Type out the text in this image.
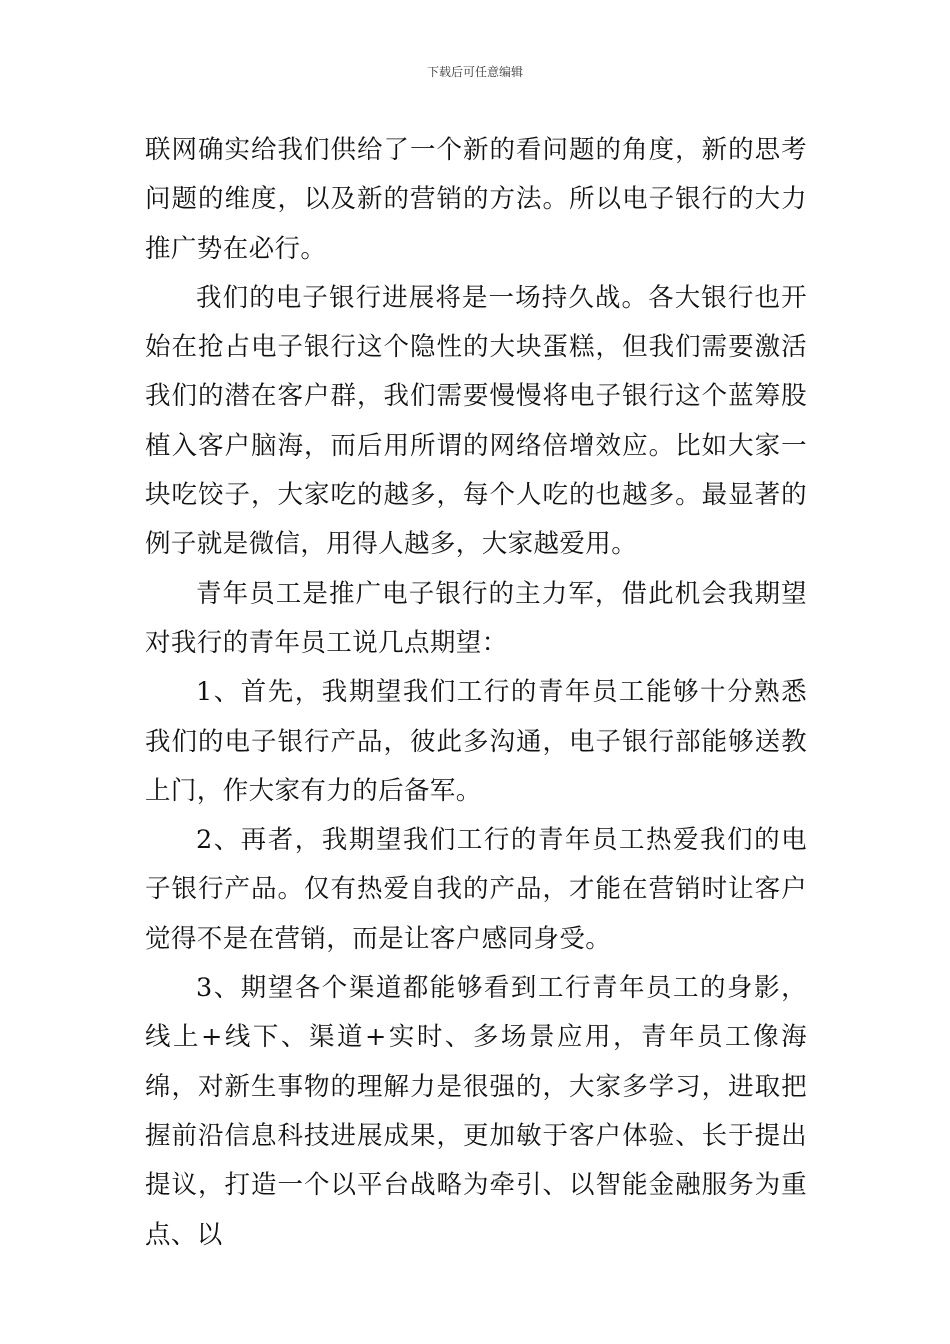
下载后可任意编辑

联网确实给我们供给了一个新的看问题的角度，新的思考问题的维度，以及新的营销的方法。所以电子银行的大力推广势在必行。

我们的电子银行进展将是一场持久战。各大银行也开始在抢占电子银行这个隐性的大块蛋糕，但我们需要激活我们的潜在客户群，我们需要慢慢将电子银行这个蓝筹股植入客户脑海，而后用所谓的网络倍增效应。比如大家一块吃饺子，大家吃的越多，每个人吃的也越多。最显著的例子就是微信，用得人越多，大家越爱用。

青年员工是推广电子银行的主力军，借此机会我期望对我行的青年员工说几点期望：

1、首先，我期望我们工行的青年员工能够十分熟悉我们的电子银行产品，彼此多沟通，电子银行部能够送教上门，作大家有力的后备军。

2、再者，我期望我们工行的青年员工热爱我们的电子银行产品。仅有热爱自我的产品，才能在营销时让客户觉得不是在营销，而是让客户感同身受。

3、期望各个渠道都能够看到工行青年员工的身影，线上+线下、渠道+实时、多场景应用，青年员工像海绵，对新生事物的理解力是很强的，大家多学习，进取把握前沿信息科技进展成果，更加敏于客户体验、长于提出提议，打造一个以平台战略为牵引、以智能金融服务为重点、以
